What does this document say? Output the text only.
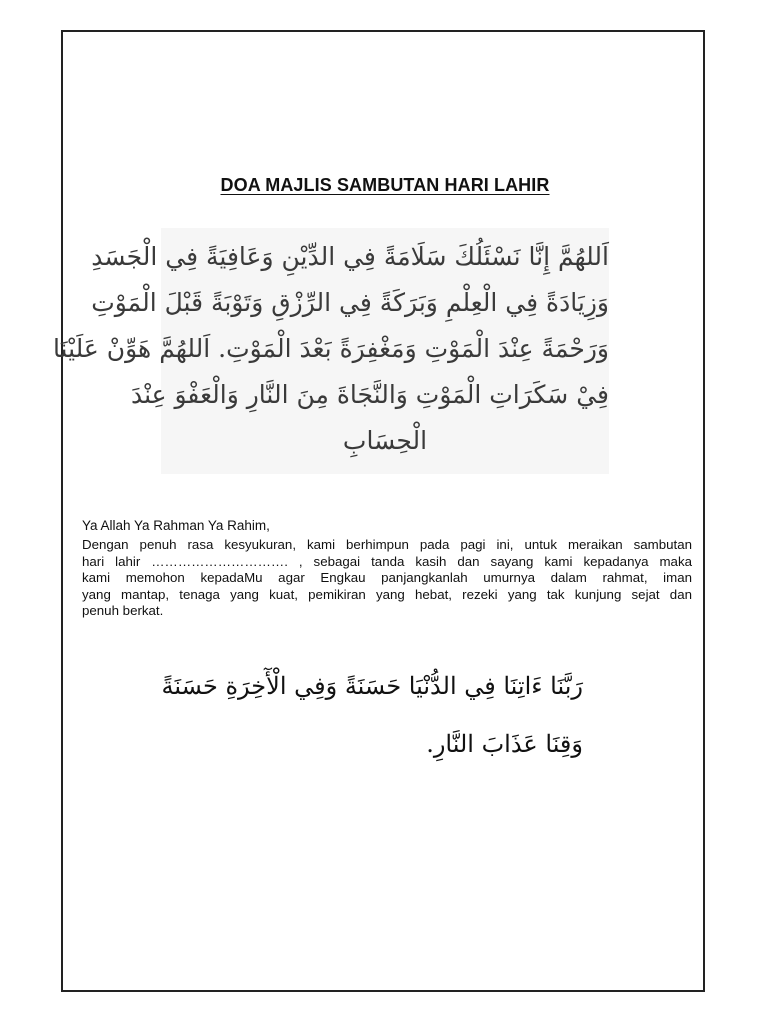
DOA MAJLIS SAMBUTAN HARI LAHIR
اَللهُمَّ إِنَّا نَسْئَلُكَ سَلَامَةً فِي الدِّيْنِ وَعَافِيَةً فِي الْجَسَدِ
وَزِيَادَةً فِي الْعِلْمِ وَبَرَكَةً فِي الرِّزْقِ وَتَوْبَةً قَبْلَ الْمَوْتِ
وَرَحْمَةً عِنْدَ الْمَوْتِ وَمَغْفِرَةً بَعْدَ الْمَوْتِ. اَللهُمَّ هَوِّنْ عَلَيْنَا
فِيْ سَكَرَاتِ الْمَوْتِ وَالنَّجَاةَ مِنَ النَّارِ وَالْعَفْوَ عِنْدَ
الْحِسَابِ
Ya Allah Ya Rahman Ya Rahim,
Dengan penuh rasa kesyukuran, kami berhimpun pada pagi ini, untuk meraikan sambutan
hari lahir …………………………. , sebagai tanda kasih dan sayang kami kepadanya maka
kami memohon kepadaMu agar Engkau panjangkanlah umurnya dalam rahmat, iman
yang mantap, tenaga yang kuat, pemikiran yang hebat, rezeki yang tak kunjung sejat dan
penuh berkat.
رَبَّنَا ءَاتِنَا فِي الدُّنْيَا حَسَنَةً وَفِي الْأٓخِرَةِ حَسَنَةً
وَقِنَا عَذَابَ النَّارِ.
